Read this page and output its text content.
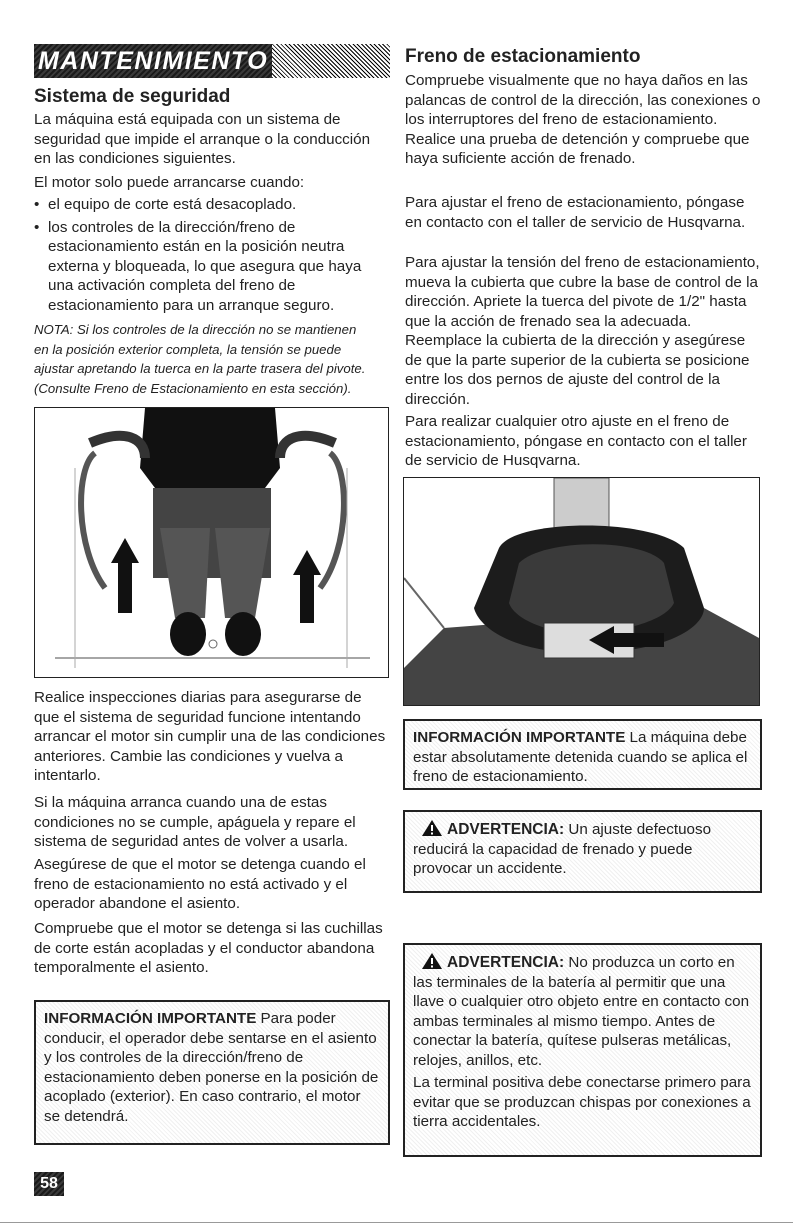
MANTENIMIENTO
Sistema de seguridad

La máquina está equipada con un sistema de seguridad que impide el arranque o la conducción en las condiciones siguientes.

El motor solo puede arrancarse cuando:

• el equipo de corte está desacoplado.
• los controles de la dirección/freno de estacionamiento están en la posición neutra externa y bloqueada, lo que asegura que haya una activación completa del freno de estacionamiento para un arranque seguro.

NOTA: Si los controles de la dirección no se mantienen en la posición exterior completa, la tensión se puede ajustar apretando la tuerca en la parte trasera del pivote. (Consulte Freno de Estacionamiento en esta sección).

Realice inspecciones diarias para asegurarse de que el sistema de seguridad funcione intentando arrancar el motor sin cumplir una de las condiciones anteriores. Cambie las condiciones y vuelva a intentarlo.

Si la máquina arranca cuando una de estas condiciones no se cumple, apáguela y repare el sistema de seguridad antes de volver a usarla.

Asegúrese de que el motor se detenga cuando el freno de estacionamiento no está activado y el operador abandone el asiento.

Compruebe que el motor se detenga si las cuchillas de corte están acopladas y el conductor abandona temporalmente el asiento.

INFORMACIÓN IMPORTANTE Para poder conducir, el operador debe sentarse en el asiento y los controles de la dirección/freno de estacionamiento deben ponerse en la posición de acoplado (exterior). En caso contrario, el motor se detendrá.

Freno de estacionamiento

Compruebe visualmente que no haya daños en las palancas de control de la dirección, las conexiones o los interruptores del freno de estacionamiento. Realice una prueba de detención y compruebe que haya suficiente acción de frenado.

Para ajustar el freno de estacionamiento, póngase en contacto con el taller de servicio de Husqvarna.

Para ajustar la tensión del freno de estacionamiento, mueva la cubierta que cubre la base de control de la dirección. Apriete la tuerca del pivote de 1/2" hasta que la acción de frenado sea la adecuada. Reemplace la cubierta de la dirección y asegúrese de que la parte superior de la cubierta se posicione entre los dos pernos de ajuste del control de la dirección.

Para realizar cualquier otro ajuste en el freno de estacionamiento, póngase en contacto con el taller de servicio de Husqvarna.

INFORMACIÓN IMPORTANTE La máquina debe estar absolutamente detenida cuando se aplica el freno de estacionamiento.

ADVERTENCIA: Un ajuste defectuoso reducirá la capacidad de frenado y puede provocar un accidente.

ADVERTENCIA: No produzca un corto en las terminales de la batería al permitir que una llave o cualquier otro objeto entre en contacto con ambas terminales al mismo tiempo. Antes de conectar la batería, quítese pulseras metálicas, relojes, anillos, etc.

La terminal positiva debe conectarse primero para evitar que se produzcan chispas por conexiones a tierra accidentales.

58
